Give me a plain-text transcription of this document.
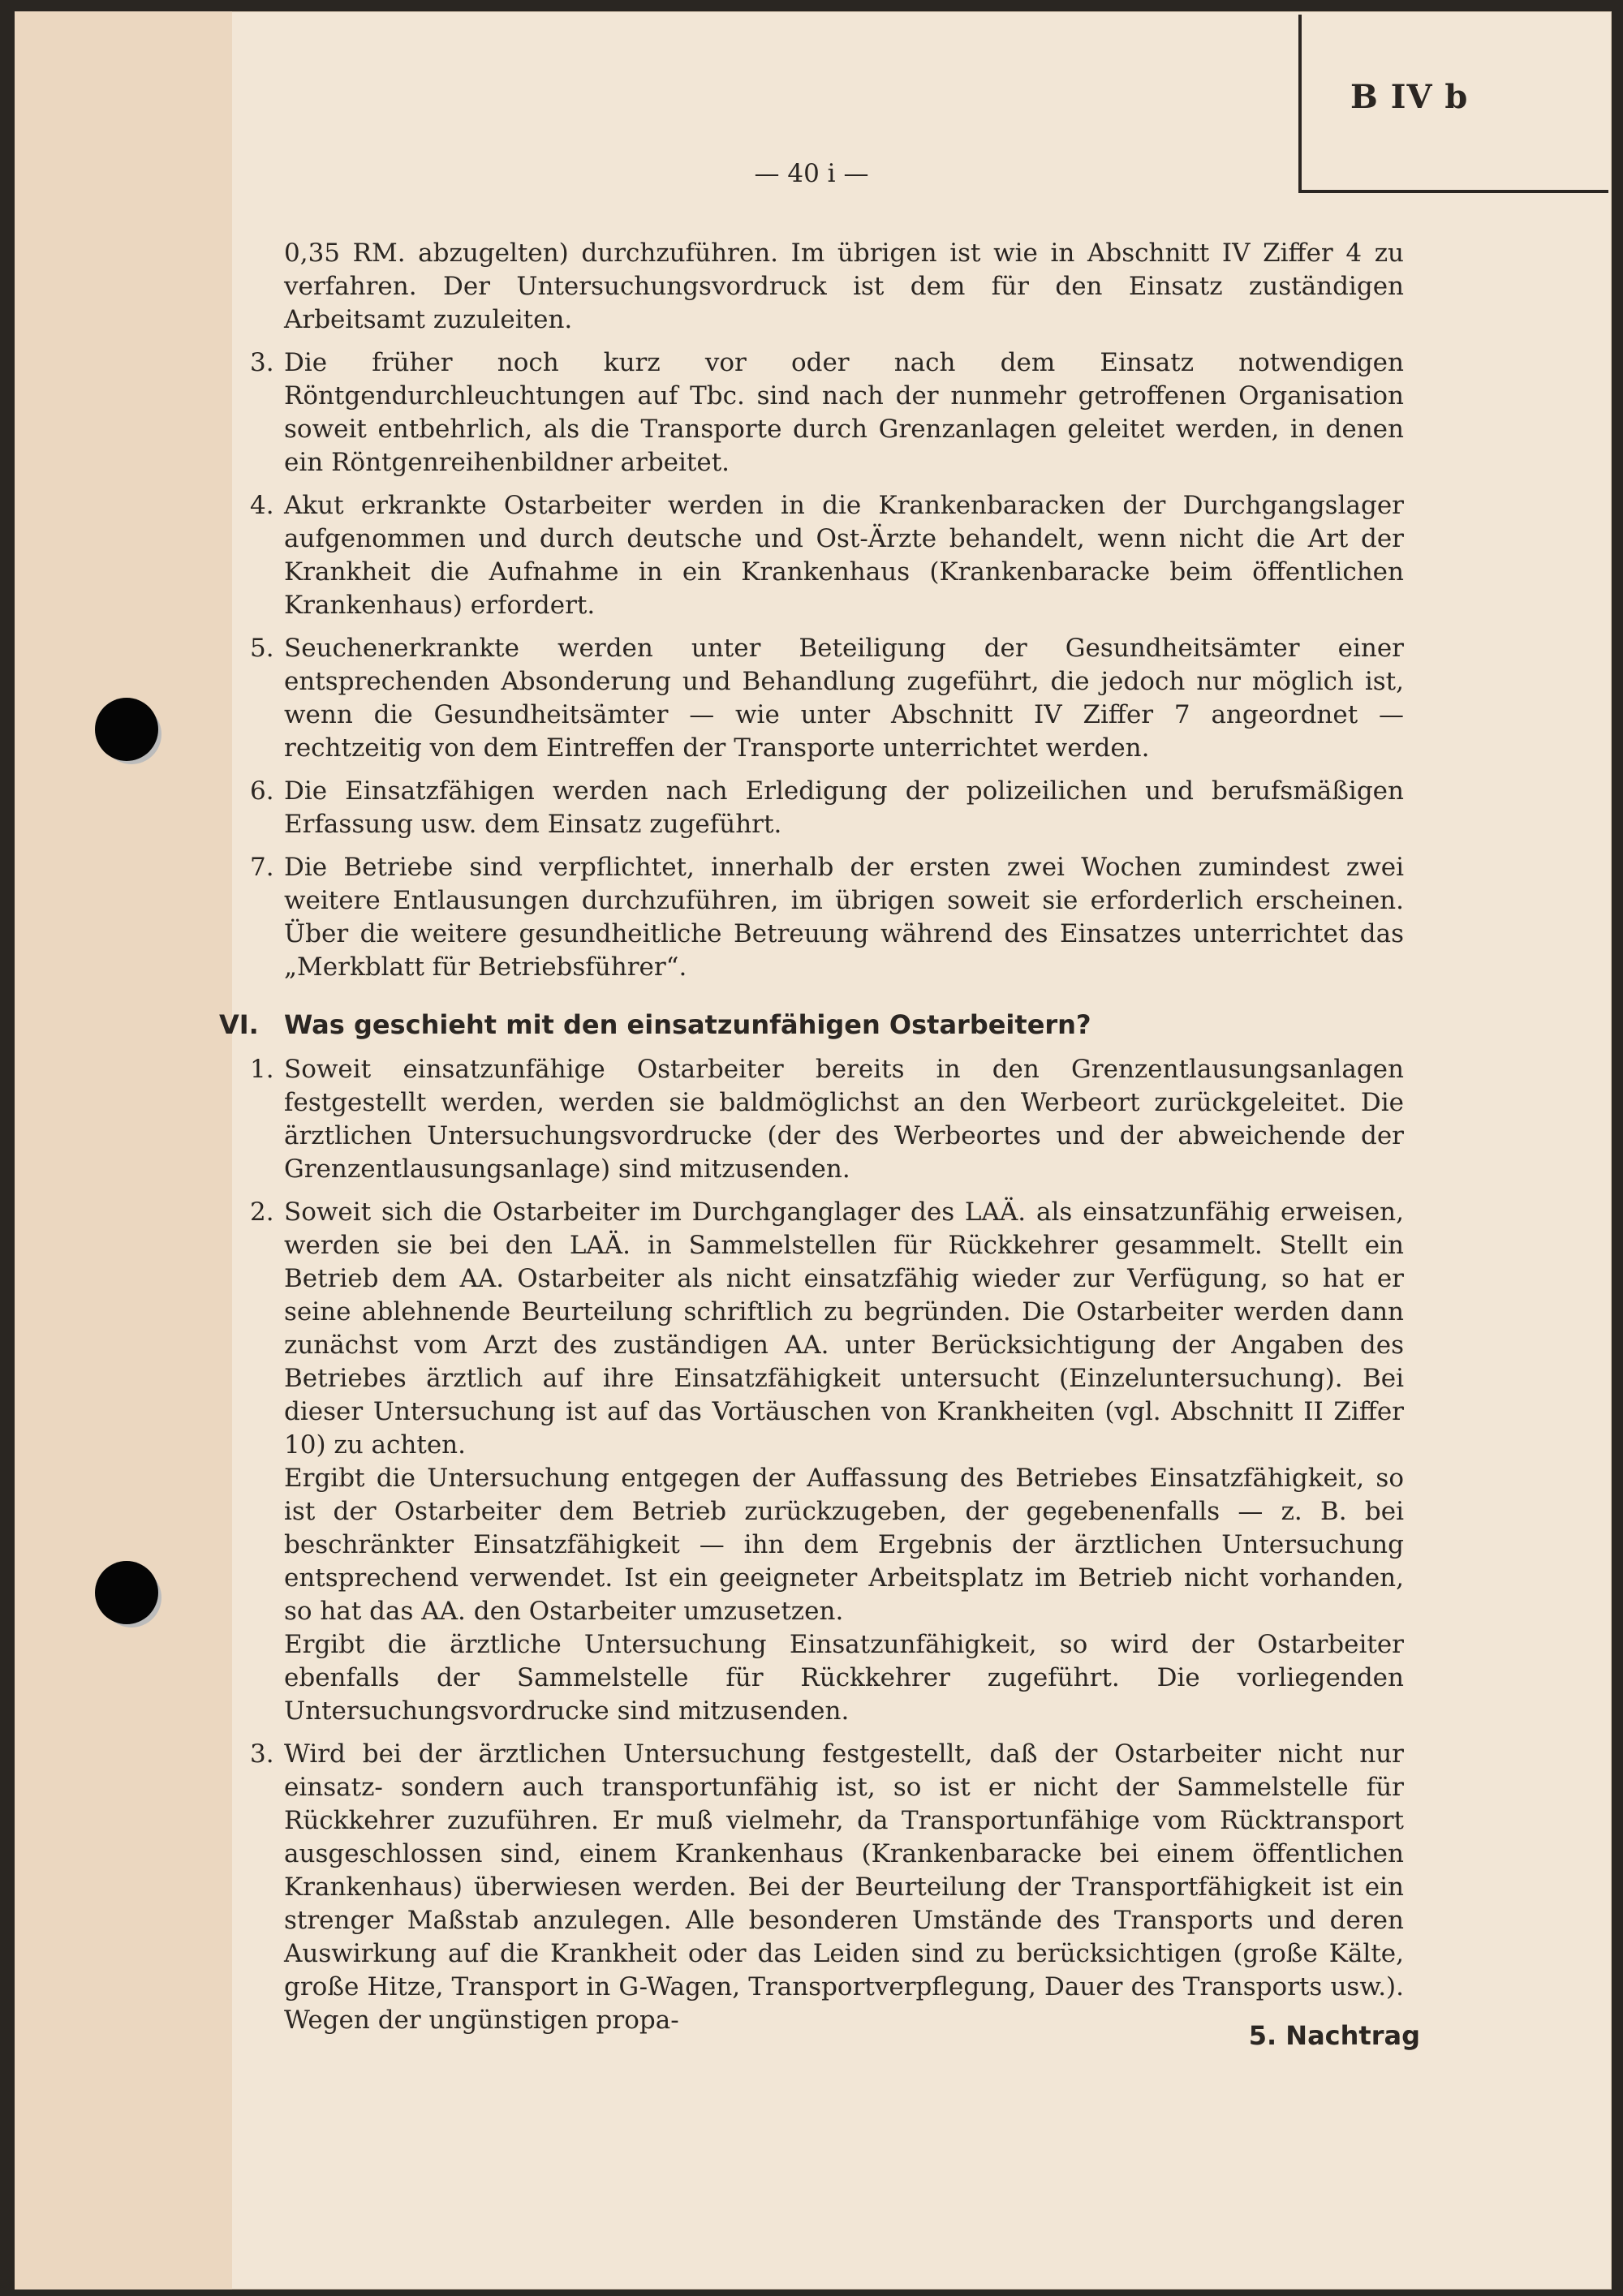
B IV b
— 40 i —

0,35 RM. abzugelten) durchzuführen. Im übrigen ist wie in Abschnitt IV Ziffer 4 zu verfahren. Der Untersuchungsvordruck ist dem für den Einsatz zuständigen Arbeitsamt zuzuleiten.

3. Die früher noch kurz vor oder nach dem Einsatz notwendigen Röntgendurchleuchtungen auf Tbc. sind nach der nunmehr getroffenen Organisation soweit entbehrlich, als die Transporte durch Grenzanlagen geleitet werden, in denen ein Röntgenreihenbildner arbeitet.

4. Akut erkrankte Ostarbeiter werden in die Krankenbaracken der Durchgangslager aufgenommen und durch deutsche und Ost-Ärzte behandelt, wenn nicht die Art der Krankheit die Aufnahme in ein Krankenhaus (Krankenbaracke beim öffentlichen Krankenhaus) erfordert.

5. Seuchenerkrankte werden unter Beteiligung der Gesundheitsämter einer entsprechenden Absonderung und Behandlung zugeführt, die jedoch nur möglich ist, wenn die Gesundheitsämter — wie unter Abschnitt IV Ziffer 7 angeordnet — rechtzeitig von dem Eintreffen der Transporte unterrichtet werden.

6. Die Einsatzfähigen werden nach Erledigung der polizeilichen und berufsmäßigen Erfassung usw. dem Einsatz zugeführt.

7. Die Betriebe sind verpflichtet, innerhalb der ersten zwei Wochen zumindest zwei weitere Entlausungen durchzuführen, im übrigen soweit sie erforderlich erscheinen. Über die weitere gesundheitliche Betreuung während des Einsatzes unterrichtet das „Merkblatt für Betriebsführer“.

VI. Was geschieht mit den einsatzunfähigen Ostarbeitern?
1. Soweit einsatzunfähige Ostarbeiter bereits in den Grenzentlausungsanlagen festgestellt werden, werden sie baldmöglichst an den Werbeort zurückgeleitet. Die ärztlichen Untersuchungsvordrucke (der des Werbeortes und der abweichende der Grenzentlausungsanlage) sind mitzusenden.

2. Soweit sich die Ostarbeiter im Durchganglager des LAÄ. als einsatzunfähig erweisen, werden sie bei den LAÄ. in Sammelstellen für Rückkehrer gesammelt. Stellt ein Betrieb dem AA. Ostarbeiter als nicht einsatzfähig wieder zur Verfügung, so hat er seine ablehnende Beurteilung schriftlich zu begründen. Die Ostarbeiter werden dann zunächst vom Arzt des zuständigen AA. unter Berücksichtigung der Angaben des Betriebes ärztlich auf ihre Einsatzfähigkeit untersucht (Einzeluntersuchung). Bei dieser Untersuchung ist auf das Vortäuschen von Krankheiten (vgl. Abschnitt II Ziffer 10) zu achten.

Ergibt die Untersuchung entgegen der Auffassung des Betriebes Einsatzfähigkeit, so ist der Ostarbeiter dem Betrieb zurückzugeben, der gegebenenfalls — z. B. bei beschränkter Einsatzfähigkeit — ihn dem Ergebnis der ärztlichen Untersuchung entsprechend verwendet. Ist ein geeigneter Arbeitsplatz im Betrieb nicht vorhanden, so hat das AA. den Ostarbeiter umzusetzen.

Ergibt die ärztliche Untersuchung Einsatzunfähigkeit, so wird der Ostarbeiter ebenfalls der Sammelstelle für Rückkehrer zugeführt. Die vorliegenden Untersuchungsvordrucke sind mitzusenden.

3. Wird bei der ärztlichen Untersuchung festgestellt, daß der Ostarbeiter nicht nur einsatz- sondern auch transportunfähig ist, so ist er nicht der Sammelstelle für Rückkehrer zuzuführen. Er muß vielmehr, da Transportunfähige vom Rücktransport ausgeschlossen sind, einem Krankenhaus (Krankenbaracke bei einem öffentlichen Krankenhaus) überwiesen werden. Bei der Beurteilung der Transportfähigkeit ist ein strenger Maßstab anzulegen. Alle besonderen Umstände des Transports und deren Auswirkung auf die Krankheit oder das Leiden sind zu berücksichtigen (große Kälte, große Hitze, Transport in G-Wagen, Transportverpflegung, Dauer des Transports usw.). Wegen der ungünstigen propa-	5. Nachtrag
